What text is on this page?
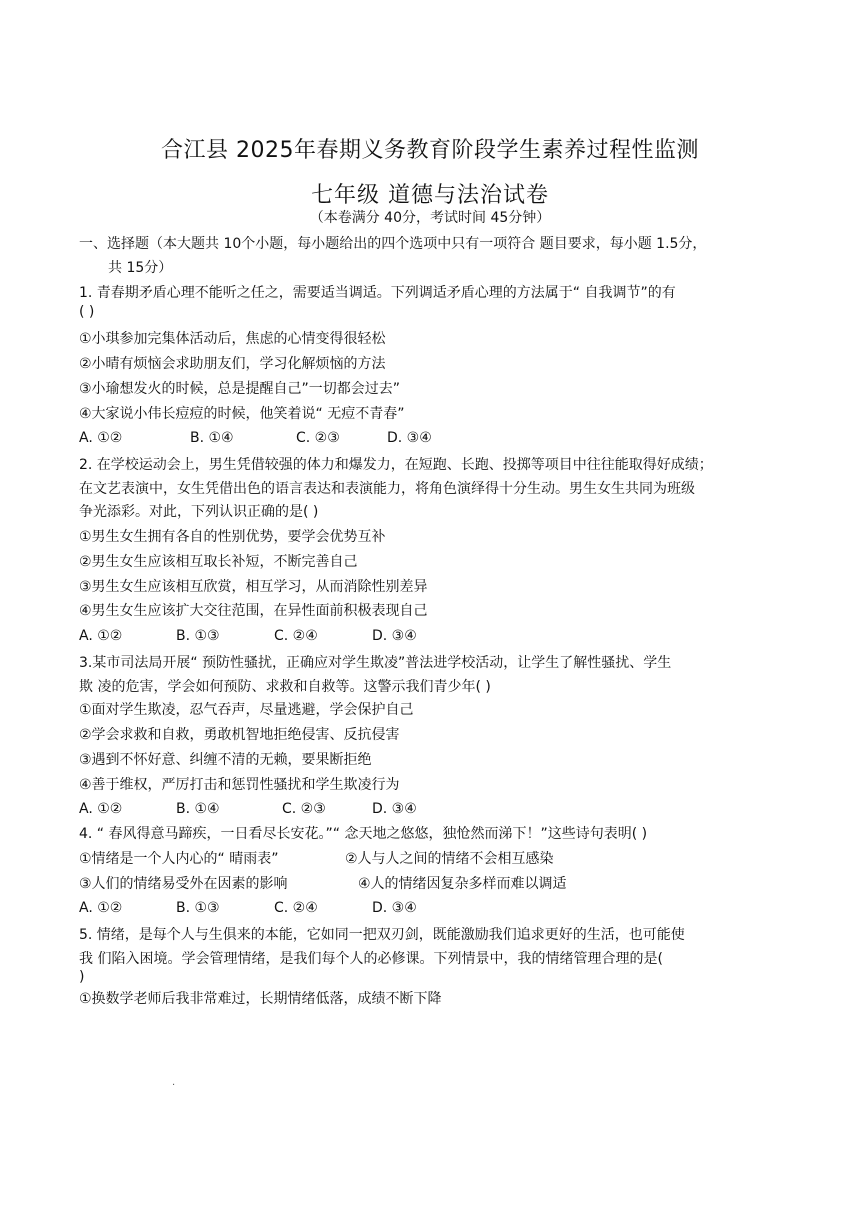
合江县 2025年春期义务教育阶段学生素养过程性监测
七年级 道德与法治试卷
（本卷满分 40分，考试时间 45分钟）
一、选择题（本大题共 10个小题，每小题给出的四个选项中只有一项符合 题目要求，每小题 1.5分，
共 15分）
1. 青春期矛盾心理不能听之任之，需要适当调适。下列调适矛盾心理的方法属于“ 自我调节”的有
( )
①小琪参加完集体活动后，焦虑的心情变得很轻松
②小晴有烦恼会求助朋友们，学习化解烦恼的方法
③小瑜想发火的时候，总是提醒自己”一切都会过去”
④大家说小伟长痘痘的时候，他笑着说“ 无痘不青春”
A. ①②	B. ①④	C. ②③	D. ③④
2. 在学校运动会上，男生凭借较强的体力和爆发力，在短跑、长跑、投掷等项目中往往能取得好成绩；
在文艺表演中，女生凭借出色的语言表达和表演能力，将角色演绎得十分生动。男生女生共同为班级
争光添彩。对此，下列认识正确的是( )
①男生女生拥有各自的性别优势，要学会优势互补
②男生女生应该相互取长补短，不断完善自己
③男生女生应该相互欣赏，相互学习，从而消除性别差异
④男生女生应该扩大交往范围，在异性面前积极表现自己
A. ①②	B. ①③	C. ②④	D. ③④
3.某市司法局开展“ 预防性骚扰，正确应对学生欺凌”普法进学校活动，让学生了解性骚扰、学生
欺 凌的危害，学会如何预防、求救和自救等。这警示我们青少年( )
①面对学生欺凌，忍气吞声，尽量逃避，学会保护自己
②学会求救和自救，勇敢机智地拒绝侵害、反抗侵害
③遇到不怀好意、纠缠不清的无赖，要果断拒绝
④善于维权，严厉打击和惩罚性骚扰和学生欺凌行为
A. ①②	B. ①④	C. ②③	D. ③④
4. “ 春风得意马蹄疾，一日看尽长安花。”“ 念天地之悠悠，独怆然而涕下！”这些诗句表明( )
①情绪是一个人内心的“ 晴雨表”	②人与人之间的情绪不会相互感染
③人们的情绪易受外在因素的影响	④人的情绪因复杂多样而难以调适
A. ①②	B. ①③	C. ②④	D. ③④
5. 情绪，是每个人与生俱来的本能，它如同一把双刃剑，既能激励我们追求更好的生活，也可能使
我 们陷入困境。学会管理情绪，是我们每个人的必修课。下列情景中，我的情绪管理合理的是(
)
①换数学老师后我非常难过，长期情绪低落，成绩不断下降
.
